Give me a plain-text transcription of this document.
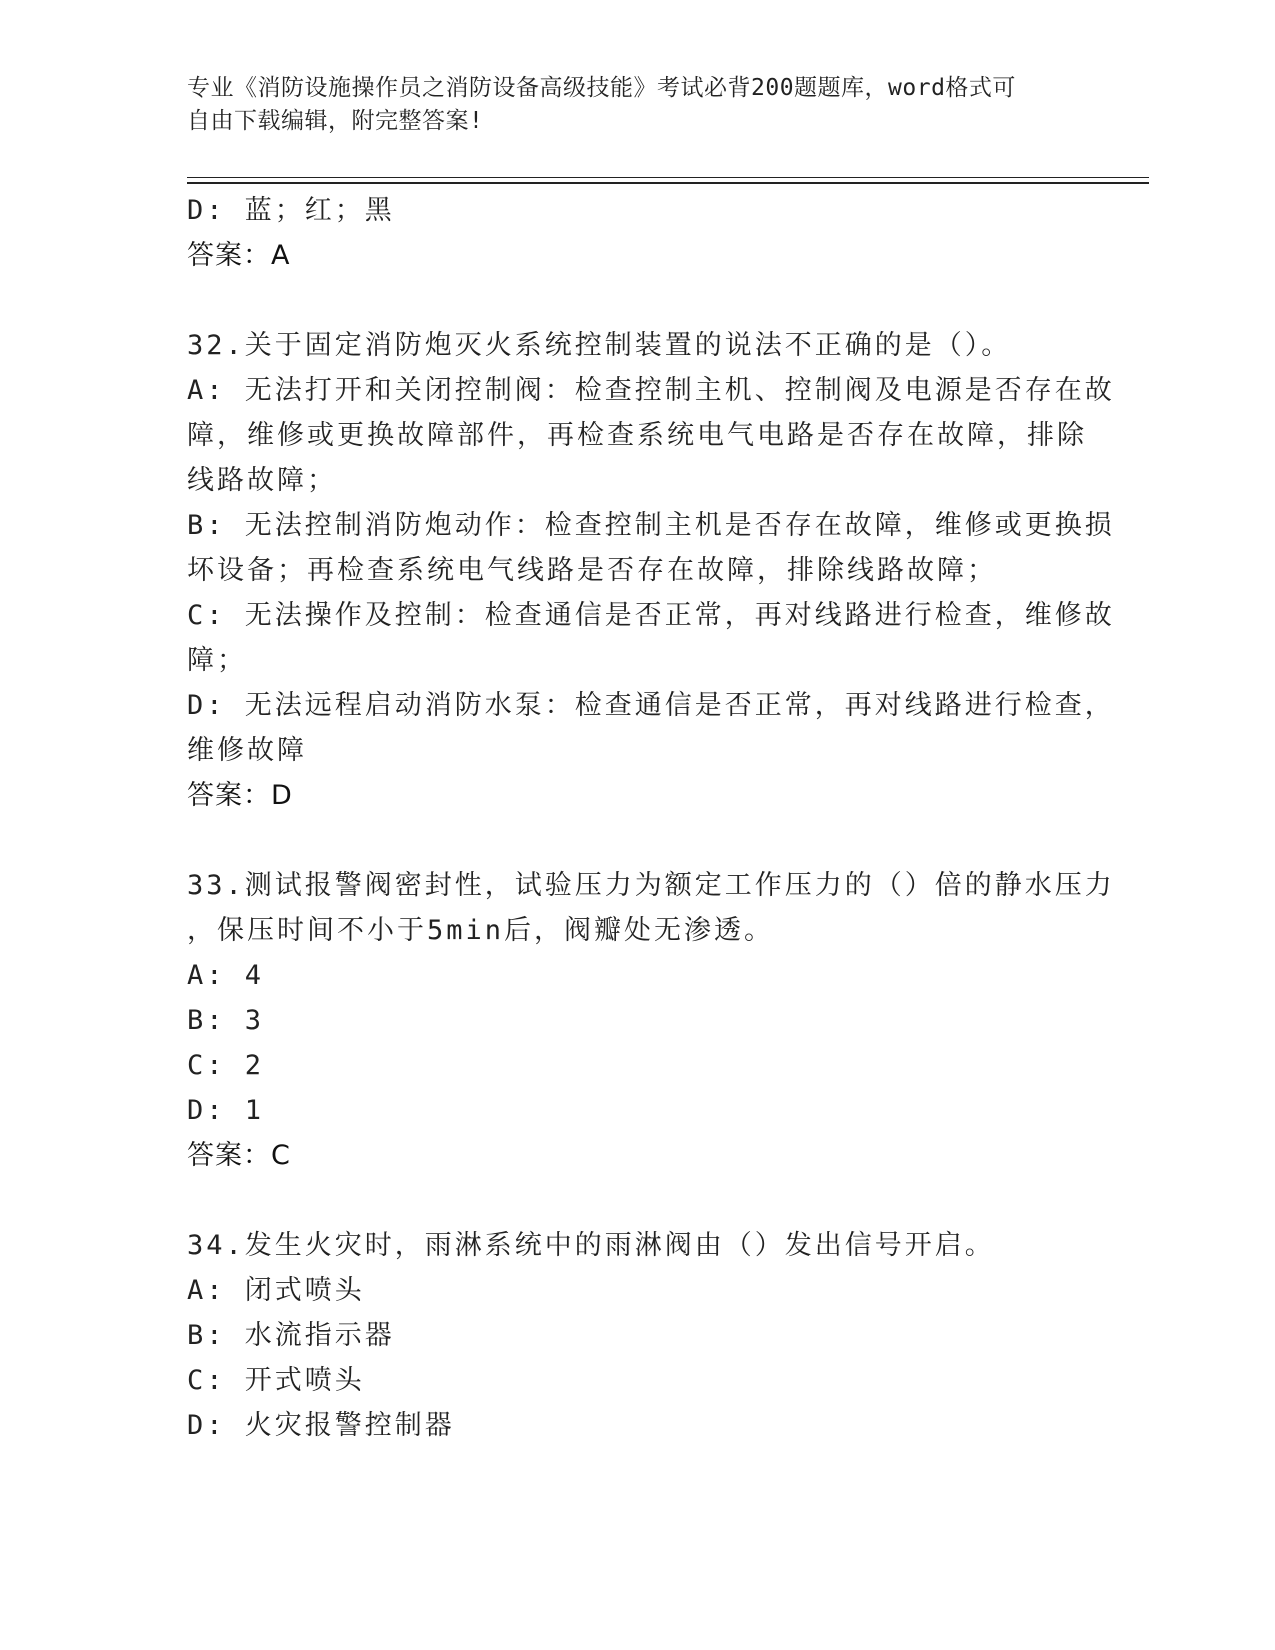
专业《消防设施操作员之消防设备高级技能》考试必背200题题库，word格式可
自由下载编辑，附完整答案!
D: 蓝；红；黑
答案：A
32.关于固定消防炮灭火系统控制装置的说法不正确的是（）。
A: 无法打开和关闭控制阀：检查控制主机、控制阀及电源是否存在故
障，维修或更换故障部件，再检查系统电气电路是否存在故障，排除
线路故障；
B: 无法控制消防炮动作：检查控制主机是否存在故障，维修或更换损
坏设备；再检查系统电气线路是否存在故障，排除线路故障；
C: 无法操作及控制：检查通信是否正常，再对线路进行检查，维修故
障；
D: 无法远程启动消防水泵：检查通信是否正常，再对线路进行检查，
维修故障
答案：D
33.测试报警阀密封性，试验压力为额定工作压力的（）倍的静水压力
，保压时间不小于5min后，阀瓣处无渗透。
A: 4
B: 3
C: 2
D: 1
答案：C
34.发生火灾时，雨淋系统中的雨淋阀由（）发出信号开启。
A: 闭式喷头
B: 水流指示器
C: 开式喷头
D: 火灾报警控制器
